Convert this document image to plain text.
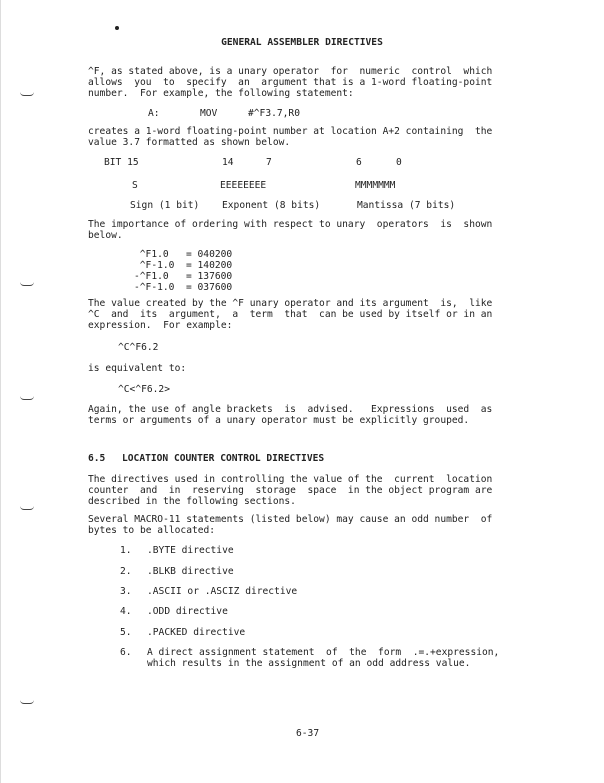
GENERAL ASSEMBLER DIRECTIVES
^F, as stated above, is a unary operator  for  numeric  control  which
allows  you  to  specify  an  argument that is a 1-word floating-point
number.  For example, the following statement:
A:	MOV	#^F3.7,R0
creates a 1-word floating-point number at location A+2 containing  the
value 3.7 formatted as shown below.
BIT 15	14	7	6	0
S	EEEEEEEE	MMMMMMM
Sign (1 bit) Exponent (8 bits)	Mantissa (7 bits)
The importance of ordering with respect to unary  operators  is  shown
below.
^F1.0   = 040200
^F-1.0  = 140200
-^F1.0   = 137600
-^F-1.0  = 037600
The value created by the ^F unary operator and its argument  is,  like
^C  and  its  argument,  a  term  that  can be used by itself or in an
expression.  For example:
^C^F6.2
is equivalent to:
^C<^F6.2>
Again, the use of angle brackets  is  advised.   Expressions  used  as
terms or arguments of a unary operator must be explicitly grouped.
6.5 LOCATION COUNTER CONTROL DIRECTIVES
The directives used in controlling the value of the  current  location
counter  and  in  reserving  storage  space  in the object program are
described in the following sections.
Several MACRO-11 statements (listed below) may cause an odd number  of
bytes to be allocated:
1. .BYTE directive
2. .BLKB directive
3. .ASCII or .ASCIZ directive
4. .ODD directive
5. .PACKED directive
6. A direct assignment statement  of  the  form  .=.+expression,
which results in the assignment of an odd address value.
6-37
